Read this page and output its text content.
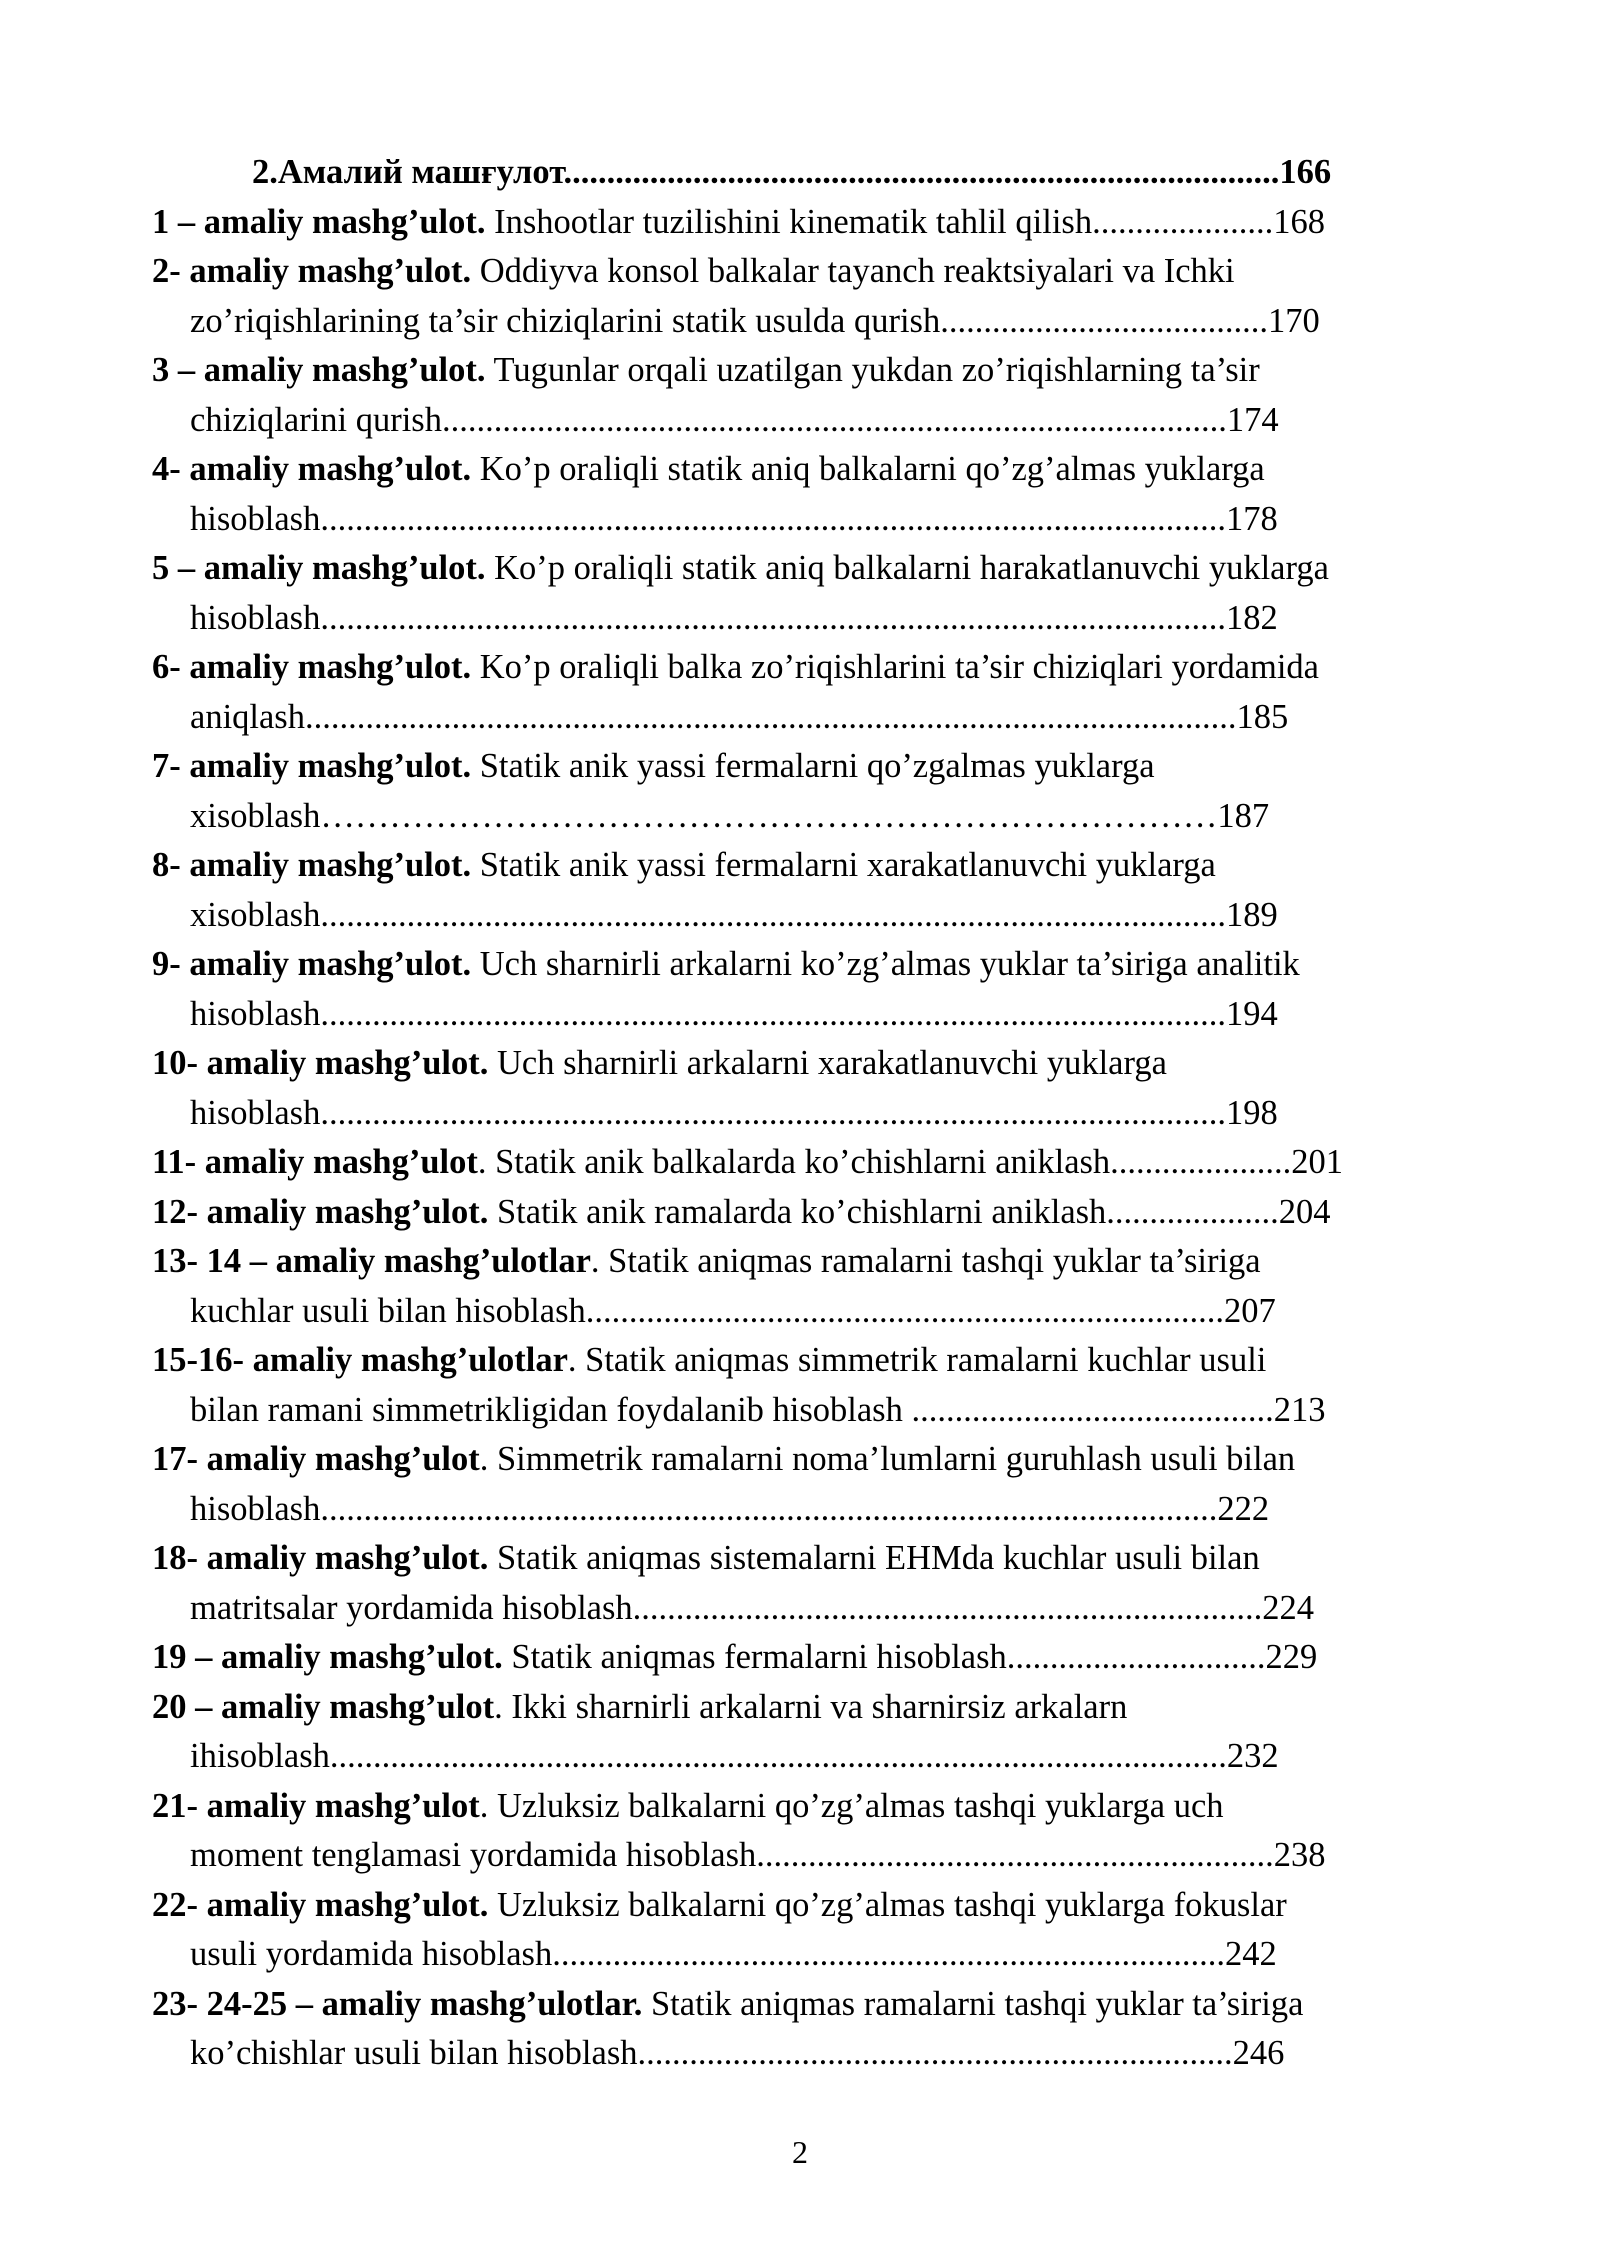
2.Амалий машғулот...................................................................................166
1 – amaliy mashg’ulot. Inshootlar tuzilishini kinematik tahlil qilish.....................168
2- amaliy mashg’ulot. Oddiyva konsol balkalar tayanch reaktsiyalari va Ichki
zo’riqishlarining ta’sir chiziqlarini statik usulda qurish......................................170
3 – amaliy mashg’ulot. Tugunlar orqali uzatilgan yukdan zo’riqishlarning ta’sir
chiziqlarini qurish...........................................................................................174
4- amaliy mashg’ulot. Ko’p oraliqli statik aniq balkalarni qo’zg’almas yuklarga
hisoblash.........................................................................................................178
5 – amaliy mashg’ulot. Ko’p oraliqli statik aniq balkalarni harakatlanuvchi yuklarga
hisoblash.........................................................................................................182
6- amaliy mashg’ulot. Ko’p oraliqli balka zo’riqishlarini ta’sir chiziqlari yordamida
aniqlash............................................................................................................185
7- amaliy mashg’ulot. Statik anik yassi fermalarni qo’zgalmas yuklarga
xisoblash……………………………………………………………………187
8- amaliy mashg’ulot. Statik anik yassi fermalarni xarakatlanuvchi yuklarga
xisoblash.........................................................................................................189
9- amaliy mashg’ulot. Uch sharnirli arkalarni ko’zg’almas yuklar ta’siriga analitik
hisoblash.........................................................................................................194
10- amaliy mashg’ulot. Uch sharnirli arkalarni xarakatlanuvchi yuklarga
hisoblash.........................................................................................................198
11- amaliy mashg’ulot. Statik anik balkalarda ko’chishlarni aniklash.....................201
12- amaliy mashg’ulot. Statik anik ramalarda ko’chishlarni aniklash....................204
13- 14 – amaliy mashg’ulotlar. Statik aniqmas ramalarni tashqi yuklar ta’siriga
kuchlar usuli bilan hisoblash..........................................................................207
15-16- amaliy mashg’ulotlar. Statik aniqmas simmetrik ramalarni kuchlar usuli
bilan ramani simmetrikligidan foydalanib hisoblash ..........................................213
17- amaliy mashg’ulot. Simmetrik ramalarni noma’lumlarni guruhlash usuli bilan
hisoblash........................................................................................................222
18- amaliy mashg’ulot. Statik aniqmas sistemalarni EHMda kuchlar usuli bilan
matritsalar yordamida hisoblash.........................................................................224
19 – amaliy mashg’ulot. Statik aniqmas fermalarni hisoblash..............................229
20 – amaliy mashg’ulot. Ikki sharnirli arkalarni va sharnirsiz arkalarn
ihisoblash........................................................................................................232
21- amaliy mashg’ulot. Uzluksiz balkalarni qo’zg’almas tashqi yuklarga uch
moment tenglamasi yordamida hisoblash............................................................238
22- amaliy mashg’ulot. Uzluksiz balkalarni qo’zg’almas tashqi yuklarga fokuslar
usuli yordamida hisoblash..............................................................................242
23- 24-25 – amaliy mashg’ulotlar. Statik aniqmas ramalarni tashqi yuklar ta’siriga
ko’chishlar usuli bilan hisoblash.....................................................................246
2
